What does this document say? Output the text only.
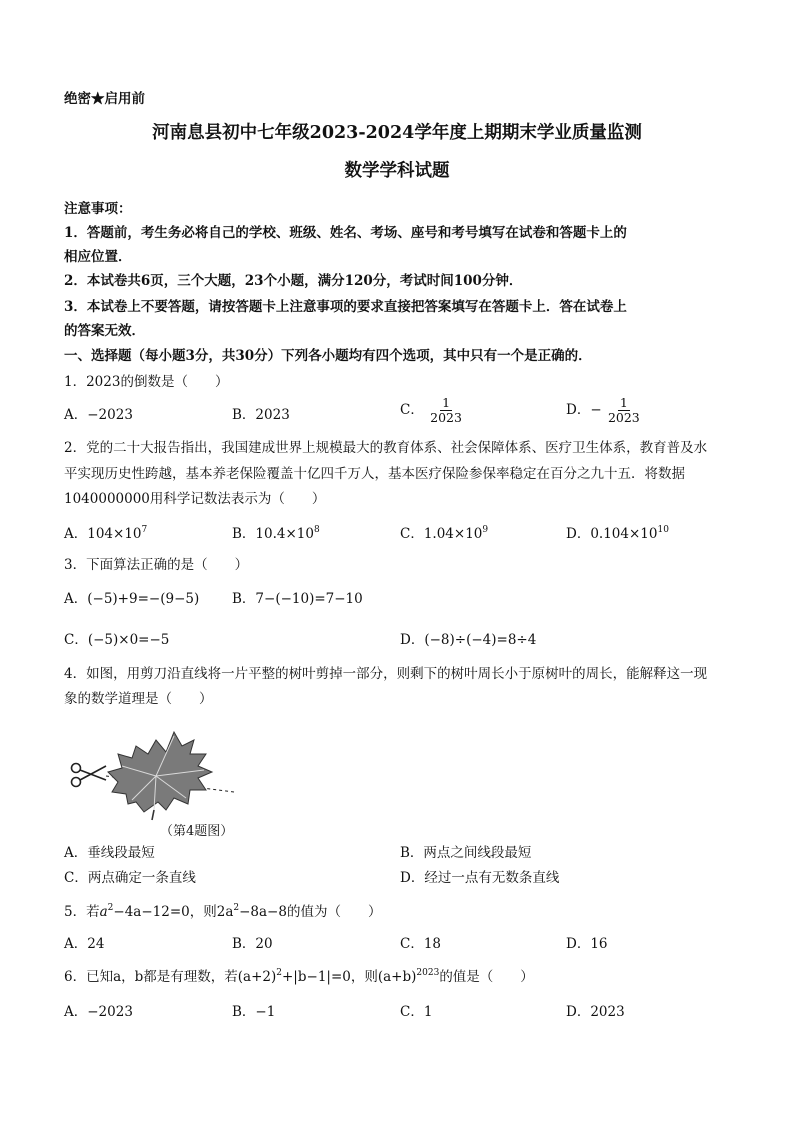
绝密★启用前
河南息县初中七年级2023-2024学年度上期期末学业质量监测
数学学科试题
注意事项：
1．答题前，考生务必将自己的学校、班级、姓名、考场、座号和考号填写在试卷和答题卡上的
相应位置．
2．本试卷共6页，三个大题，23个小题，满分120分，考试时间100分钟．
3．本试卷上不要答题，请按答题卡上注意事项的要求直接把答案填写在答题卡上．答在试卷上
的答案无效．
一、选择题（每小题3分，共30分）下列各小题均有四个选项，其中只有一个是正确的．
1．2023的倒数是（　　）
A．−2023	B．2023	C． $\frac{1}{2023}$	D．− $\frac{1}{2023}$
2．党的二十大报告指出，我国建成世界上规模最大的教育体系、社会保障体系、医疗卫生体系，教育普及水
平实现历史性跨越，基本养老保险覆盖十亿四千万人，基本医疗保险参保率稳定在百分之九十五．将数据
1040000000用科学记数法表示为（　　）
A．$104\times 10^7$	B．$10.4\times 10^8$	C．$1.04\times 10^9$	D．$0.104\times 10^{10}$
3．下面算法正确的是（　　）
A．(−5)+9=−(9−5) B．7−(−10)=7−10
C．(−5)×0=−5	D．(−8)÷(−4)=8÷4
4．如图，用剪刀沿直线将一片平整的树叶剪掉一部分，则剩下的树叶周长小于原树叶的周长，能解释这一现
象的数学道理是（　　）
（第4题图）
A．垂线段最短	B．两点之间线段最短
C．两点确定一条直线	D．经过一点有无数条直线
5．若$a^2-4a-12=0$，则$2a^2-8a-8$的值为（　　）
A．24	B．20	C．18	D．16
6．已知a，b都是有理数，若$(a+2)^2+|b-1|=0$，则$(a+b)^{2023}$的值是（　　）
A．−2023	B．−1	C．1	D．2023
